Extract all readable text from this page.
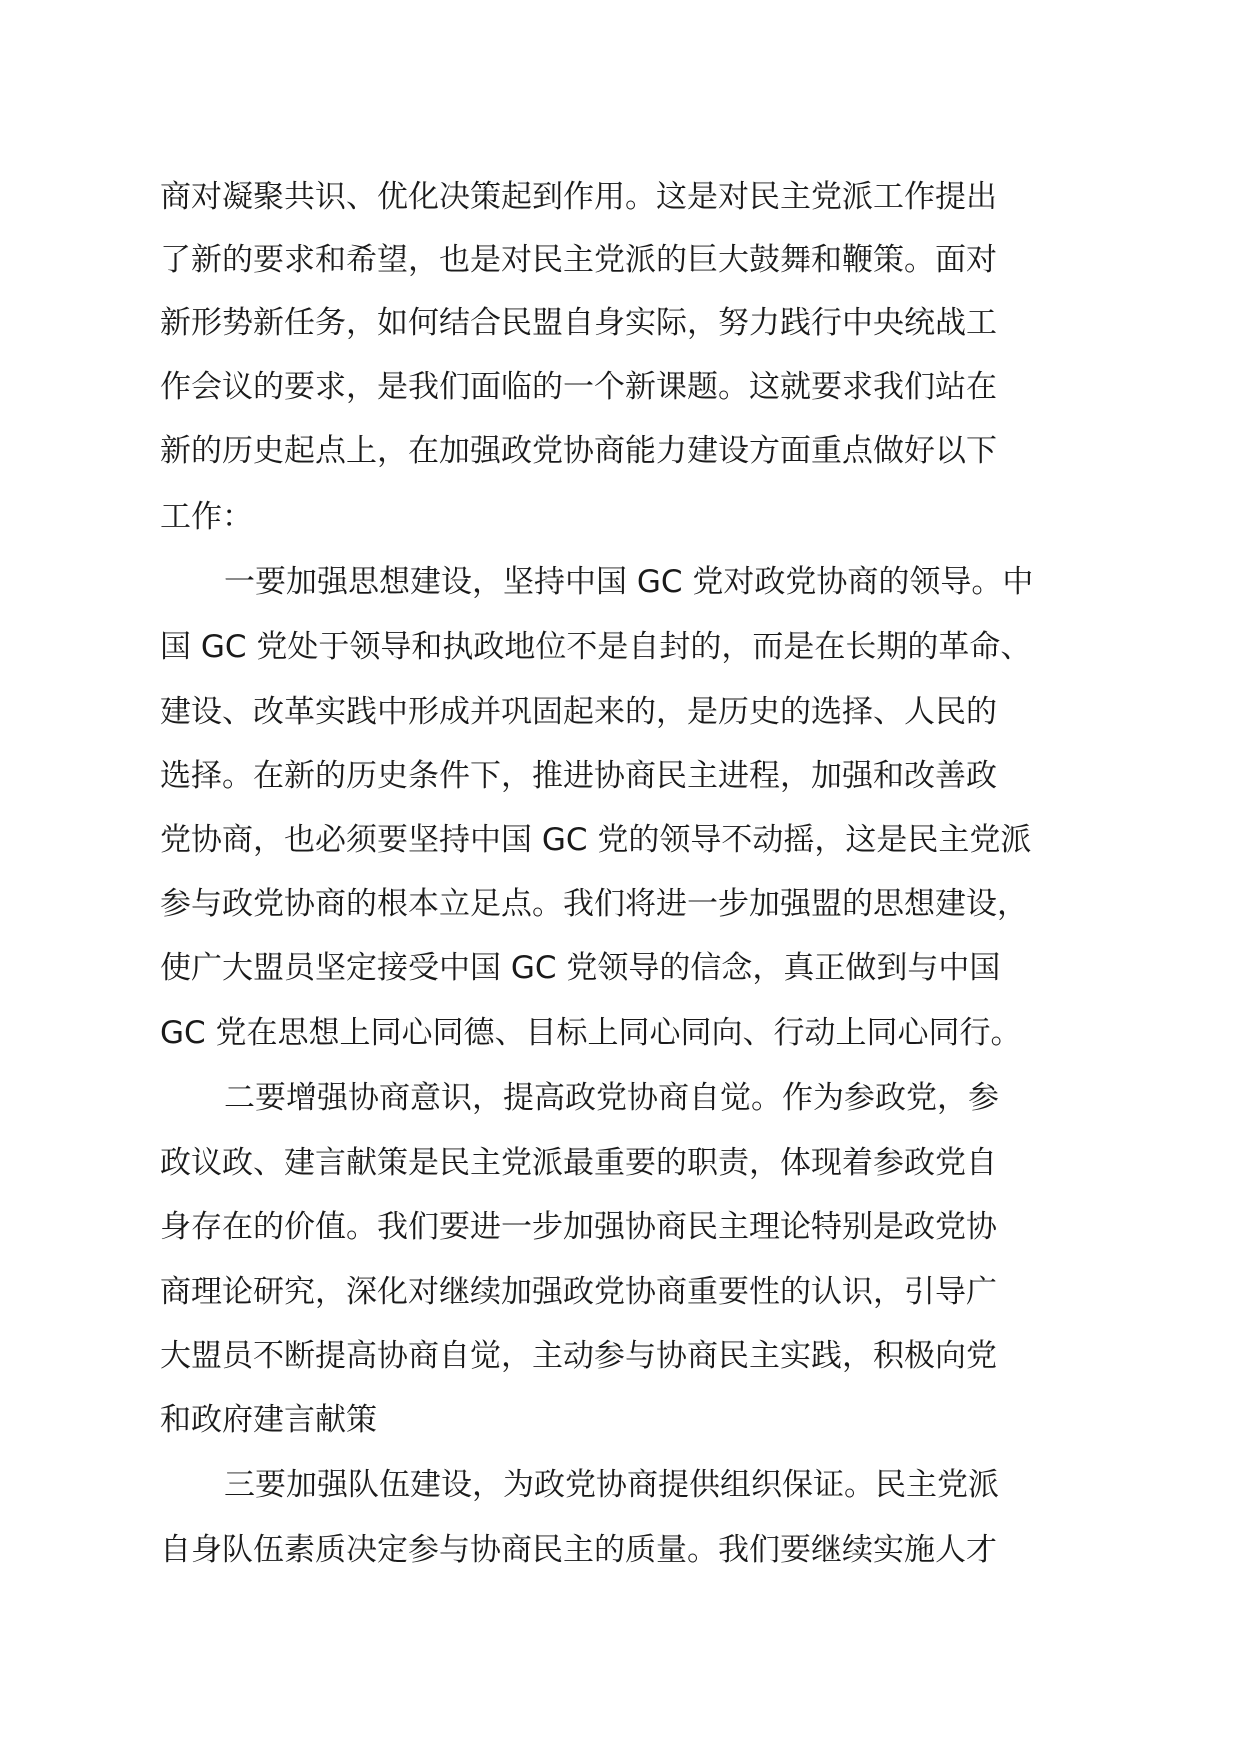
商对凝聚共识、优化决策起到作用。这是对民主党派工作提出
了新的要求和希望，也是对民主党派的巨大鼓舞和鞭策。面对
新形势新任务，如何结合民盟自身实际，努力践行中央统战工
作会议的要求，是我们面临的一个新课题。这就要求我们站在
新的历史起点上，在加强政党协商能力建设方面重点做好以下
工作：
一要加强思想建设，坚持中国 GC 党对政党协商的领导。中
国 GC 党处于领导和执政地位不是自封的，而是在长期的革命、
建设、改革实践中形成并巩固起来的，是历史的选择、人民的
选择。在新的历史条件下，推进协商民主进程，加强和改善政
党协商，也必须要坚持中国 GC 党的领导不动摇，这是民主党派
参与政党协商的根本立足点。我们将进一步加强盟的思想建设，
使广大盟员坚定接受中国 GC 党领导的信念，真正做到与中国
GC 党在思想上同心同德、目标上同心同向、行动上同心同行。
二要增强协商意识，提高政党协商自觉。作为参政党，参
政议政、建言献策是民主党派最重要的职责，体现着参政党自
身存在的价值。我们要进一步加强协商民主理论特别是政党协
商理论研究，深化对继续加强政党协商重要性的认识，引导广
大盟员不断提高协商自觉，主动参与协商民主实践，积极向党
和政府建言献策
三要加强队伍建设，为政党协商提供组织保证。民主党派
自身队伍素质决定参与协商民主的质量。我们要继续实施人才
